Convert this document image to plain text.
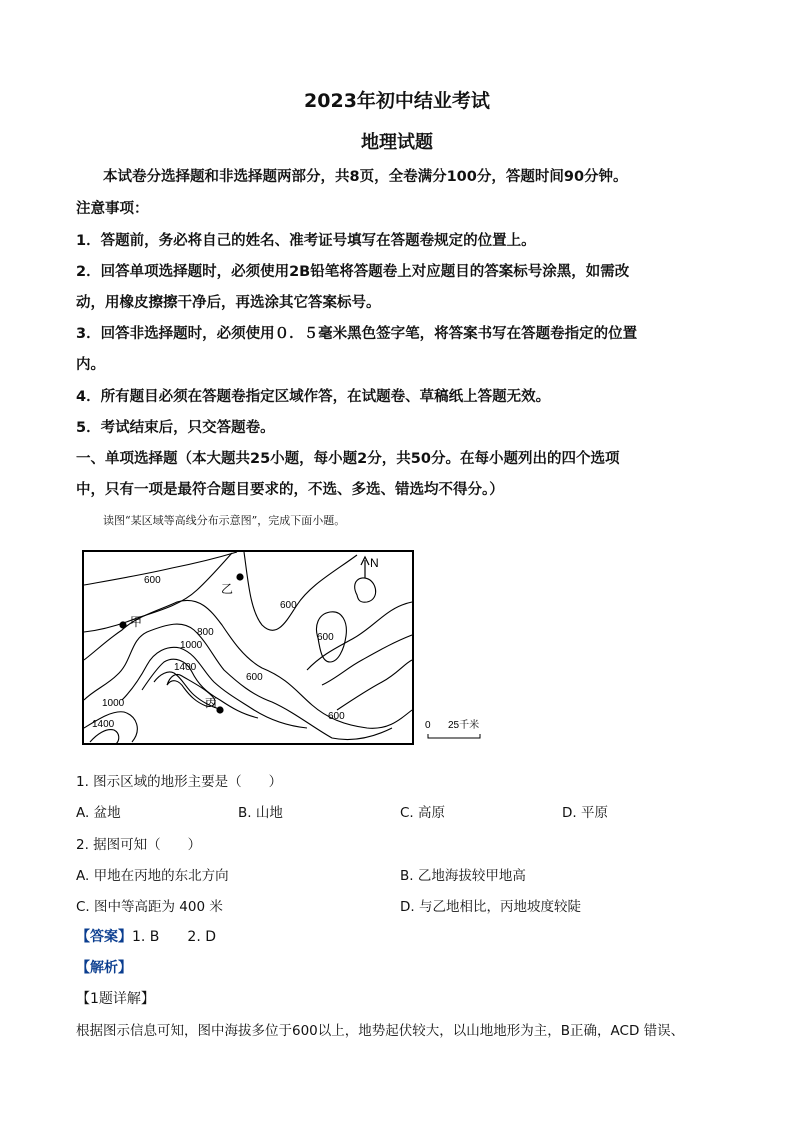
2023年初中结业考试
地理试题
本试卷分选择题和非选择题两部分，共8页，全卷满分100分，答题时间90分钟。
注意事项：
1．答题前，务必将自己的姓名、准考证号填写在答题卷规定的位置上。
2．回答单项选择题时，必须使用2B铅笔将答题卷上对应题目的答案标号涂黑，如需改
动，用橡皮擦擦干净后，再选涂其它答案标号。
3．回答非选择题时，必须使用０．５毫米黑色签字笔，将答案书写在答题卷指定的位置
内。
4．所有题目必须在答题卷指定区域作答，在试题卷、草稿纸上答题无效。
5．考试结束后，只交答题卷。
一、单项选择题（本大题共25小题，每小题2分，共50分。在每小题列出的四个选项
中，只有一项是最符合题目要求的，不选、多选、错选均不得分。）
读图“某区域等高线分布示意图”，完成下面小题。
600
600
600
800
1000
1400
600
600
1000
1400
甲
乙
丙
N
0 25千米
1. 图示区域的地形主要是（　　）
A. 盆地	B. 山地	C. 高原	D. 平原
2. 据图可知（　　）
A. 甲地在丙地的东北方向	B. 乙地海拔较甲地高
C. 图中等高距为 400 米	D. 与乙地相比，丙地坡度较陡
【答案】1. B　　2. D
【解析】
【1题详解】
根据图示信息可知，图中海拔多位于600以上，地势起伏较大，以山地地形为主，B正确，ACD 错误、
